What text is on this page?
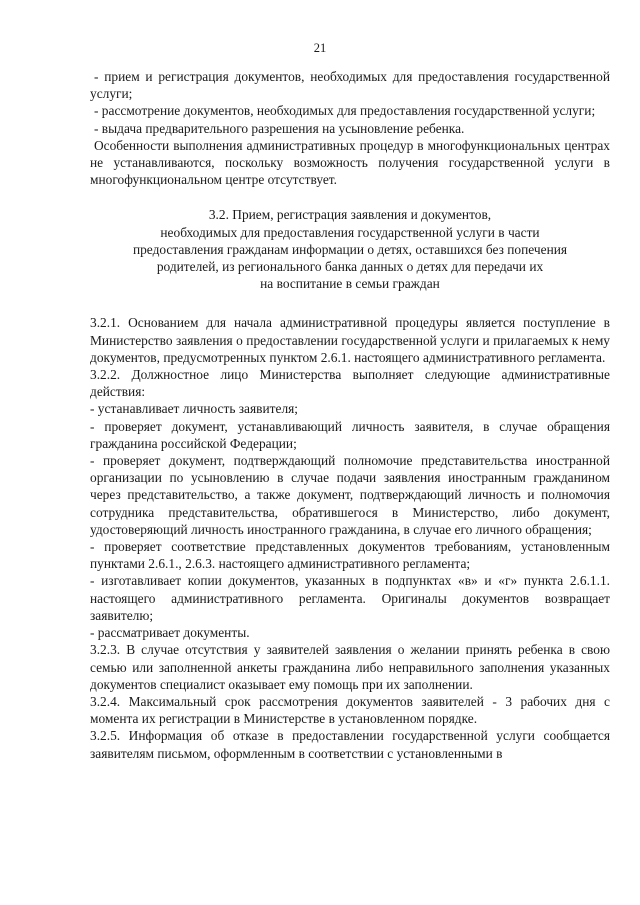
21

- прием и регистрация документов, необходимых для предоставления государственной услуги;

- рассмотрение документов, необходимых для предоставления государственной услуги;

- выдача предварительного разрешения на усыновление ребенка.

Особенности выполнения административных процедур в многофункциональных центрах не устанавливаются, поскольку возможность получения государственной услуги в многофункциональном центре отсутствует.

3.2. Прием, регистрация заявления и документов,
необходимых для предоставления государственной услуги в части
предоставления гражданам информации о детях, оставшихся без попечения
родителей, из регионального банка данных о детях для передачи их
на воспитание в семьи граждан

3.2.1. Основанием для начала административной процедуры является поступление в Министерство заявления о предоставлении государственной услуги и прилагаемых к нему документов, предусмотренных пунктом 2.6.1. настоящего административного регламента.

3.2.2. Должностное лицо Министерства выполняет следующие административные действия:

- устанавливает личность заявителя;

- проверяет документ, устанавливающий личность заявителя, в случае обращения гражданина российской Федерации;

- проверяет документ, подтверждающий полномочие представительства иностранной организации по усыновлению в случае подачи заявления иностранным гражданином через представительство, а также документ, подтверждающий личность и полномочия сотрудника представительства, обратившегося в Министерство, либо документ, удостоверяющий личность иностранного гражданина, в случае его личного обращения;

- проверяет соответствие представленных документов требованиям, установленным пунктами 2.6.1., 2.6.3. настоящего административного регламента;

- изготавливает копии документов, указанных в подпунктах «в» и «г» пункта 2.6.1.1. настоящего административного регламента. Оригиналы документов возвращает заявителю;

- рассматривает документы.

3.2.3. В случае отсутствия у заявителей заявления о желании принять ребенка в свою семью или заполненной анкеты гражданина либо неправильного заполнения указанных документов специалист оказывает ему помощь при их заполнении.

3.2.4. Максимальный срок рассмотрения документов заявителей - 3 рабочих дня с момента их регистрации в Министерстве в установленном порядке.

3.2.5. Информация об отказе в предоставлении государственной услуги сообщается заявителям письмом, оформленным в соответствии с установленными в
